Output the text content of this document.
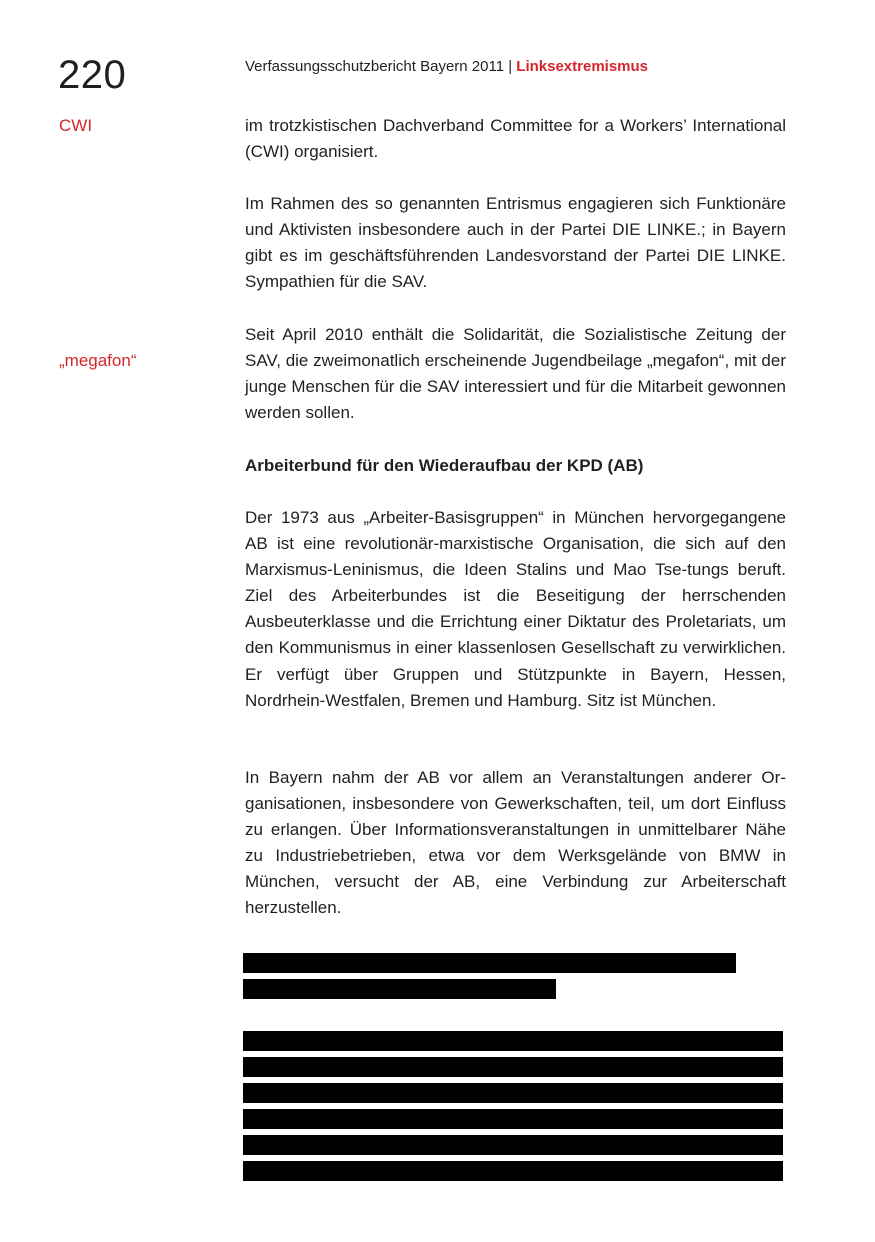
220	Verfassungsschutzbericht Bayern 2011 | Linksextremismus
CWI
„megafon“

im trotzkistischen Dachverband Committee for a Workers’ International (CWI) organisiert.

Im Rahmen des so genannten Entrismus engagieren sich Funktionäre und Aktivisten insbesondere auch in der Partei DIE LINKE.; in Bayern gibt es im geschäftsführenden Landesvorstand der Partei DIE LINKE. Sympathien für die SAV.

Seit April 2010 enthält die Solidarität, die Sozialistische Zeitung der SAV, die zweimonatlich erscheinende Jugendbeilage „megafon“, mit der junge Menschen für die SAV interessiert und für die Mitarbeit gewonnen werden sollen.

Arbeiterbund für den Wiederaufbau der KPD (AB)

Der 1973 aus „Arbeiter-Basisgruppen“ in München hervorgegangene AB ist eine revolutionär-marxistische Organisation, die sich auf den Marxismus-Leninismus, die Ideen Stalins und Mao Tse-tungs beruft. Ziel des Arbeiterbundes ist die Beseitigung der herrschenden Ausbeuterklasse und die Errichtung einer Diktatur des Proletariats, um den Kommunismus in einer klassenlosen Gesellschaft zu verwirklichen. Er verfügt über Gruppen und Stützpunkte in Bayern, Hessen, Nordrhein-Westfalen, Bremen und Hamburg. Sitz ist München.

In Bayern nahm der AB vor allem an Veranstaltungen anderer Organisationen, insbesondere von Gewerkschaften, teil, um dort Einfluss zu erlangen. Über Informationsveranstaltungen in unmittelbarer Nähe zu Industriebetrieben, etwa vor dem Werksgelände von BMW in München, versucht der AB, eine Verbindung zur Arbeiterschaft herzustellen.
